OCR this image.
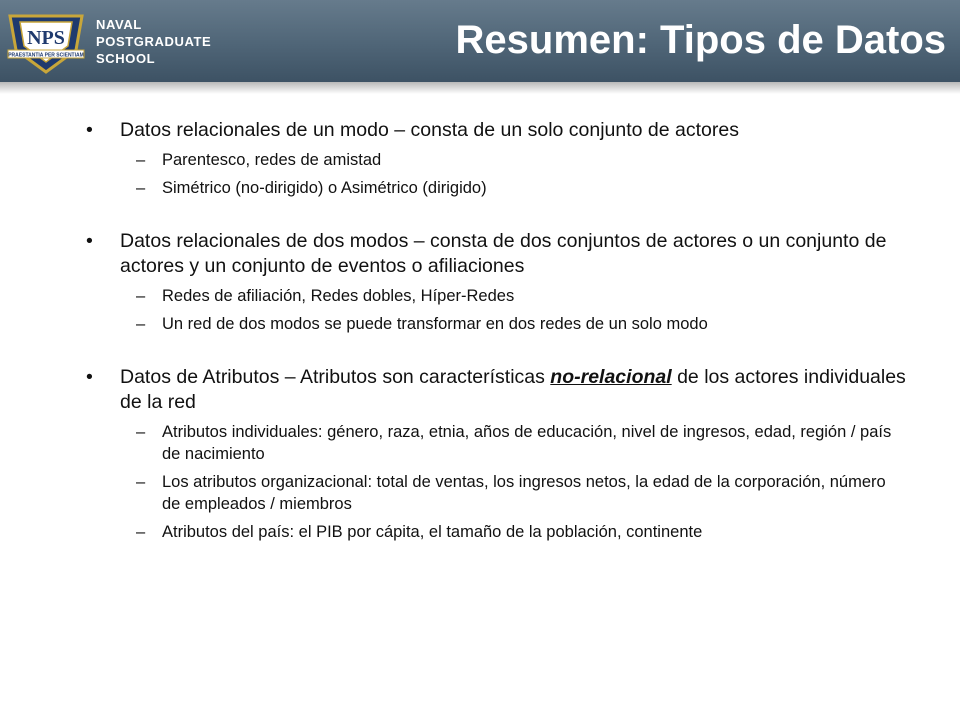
NPS
PRAESTANTIA PER SCIENTIAM
NAVAL
POSTGRADUATE
SCHOOL	Resumen: Tipos de Datos
• Datos relacionales de un modo – consta de un solo conjunto de actores
– Parentesco, redes de amistad
– Simétrico (no-dirigido) o Asimétrico (dirigido)
• Datos relacionales de dos modos – consta de dos conjuntos de actores o un conjunto de actores y un conjunto de eventos o afiliaciones
– Redes de afiliación, Redes dobles, Híper-Redes
– Un red de dos modos se puede transformar en dos redes de un solo modo
• Datos de Atributos – Atributos son características no-relacional de los actores individuales de la red
– Atributos individuales: género, raza, etnia, años de educación, nivel de ingresos, edad, región / país de nacimiento
– Los atributos organizacional: total de ventas, los ingresos netos, la edad de la corporación, número de empleados / miembros
– Atributos del país: el PIB por cápita, el tamaño de la población, continente
